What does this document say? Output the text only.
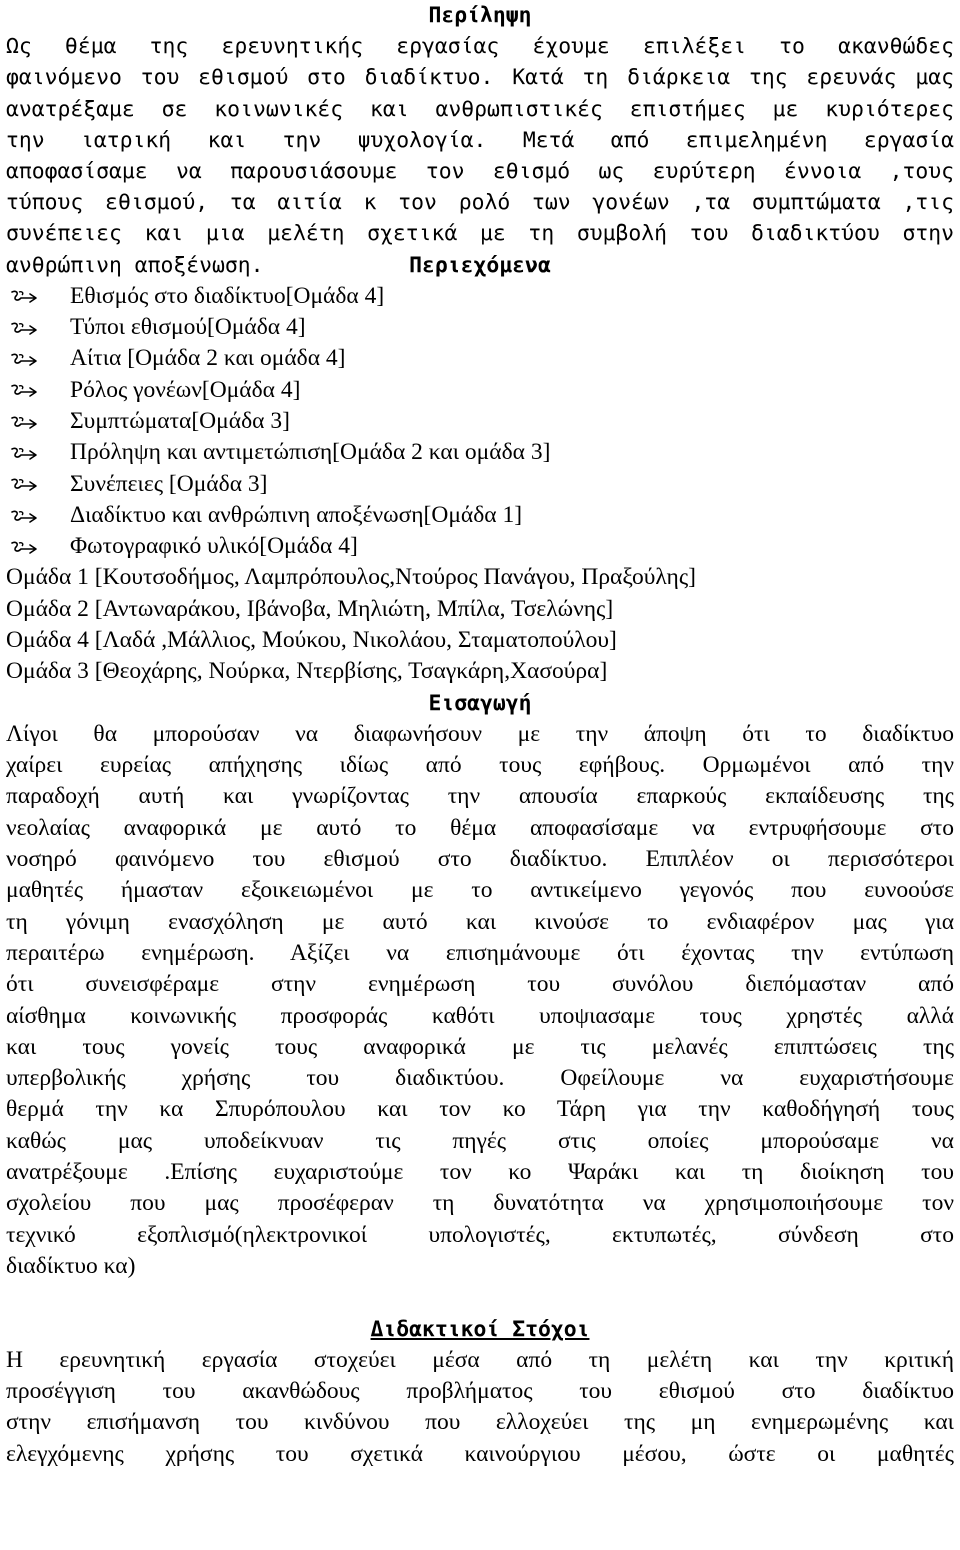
Περίληψη

Ως θέμα της ερευνητικής εργασίας έχουμε επιλέξει το ακανθώδες

φαινόμενο του εθισμού στο διαδίκτυο. Κατά τη διάρκεια της ερευνάς μας

ανατρέξαμε σε κοινωνικές και ανθρωπιστικές επιστήμες με κυριότερες

την ιατρική και την ψυχολογία. Μετά από επιμελημένη εργασία

αποφασίσαμε να παρουσιάσουμε τον εθισμό ως ευρύτερη έννοια ,τους

τύπους εθισμού, τα αιτία κ τον ρολό των γονέων ,τα συμπτώματα ,τις

συνέπειες και μια μελέτη σχετικά με τη συμβολή του διαδικτύου στην

ανθρώπινη αποξένωση.	Περιεχόμενα
Εθισμός στο διαδίκτυο[Ομάδα 4]
Τύποι εθισμού[Ομάδα 4]
Αίτια [Ομάδα 2 και ομάδα 4]
Ρόλος γονέων[Ομάδα 4]
Συμπτώματα[Ομάδα 3]
Πρόληψη και αντιμετώπιση[Ομάδα 2 και ομάδα 3]
Συνέπειες [Ομάδα 3]
Διαδίκτυο και ανθρώπινη αποξένωση[Ομάδα 1]
Φωτογραφικό υλικό[Ομάδα 4]
Ομάδα 1 [Κουτσοδήμος, Λαμπρόπουλος,Ντούρος Πανάγου, Πραξούλης]
Ομάδα 2 [Αντωναράκου, Ιβάνοβα, Μηλιώτη, Μπίλα, Τσελώνης]
Ομάδα 4 [Λαδά ,Μάλλιος, Μούκου, Νικολάου, Σταματοπούλου]
Ομάδα 3 [Θεοχάρης, Νούρκα, Ντερβίσης, Τσαγκάρη,Χασούρα]
Εισαγωγή

Λίγοι θα μπορούσαν να διαφωνήσουν με την άποψη ότι το διαδίκτυο

χαίρει ευρείας απήχησης ιδίως από τους εφήβους. Ορμωμένοι από την

παραδοχή αυτή και γνωρίζοντας την απουσία επαρκούς εκπαίδευσης της

νεολαίας αναφορικά με αυτό το θέμα αποφασίσαμε να εντρυφήσουμε στο

νοσηρό φαινόμενο του εθισμού στο διαδίκτυο. Επιπλέον οι περισσότεροι

μαθητές ήμασταν εξοικειωμένοι με το αντικείμενο γεγονός που ευνοούσε

τη γόνιμη ενασχόληση με αυτό και κινούσε το ενδιαφέρον μας για

περαιτέρω ενημέρωση. Αξίζει να επισημάνουμε ότι έχοντας την εντύπωση

ότι συνεισφέραμε στην ενημέρωση του συνόλου διεπόμασταν από

αίσθημα κοινωνικής προσφοράς καθότι υποψιασαμε τους χρηστές αλλά

και τους γονείς τους αναφορικά με τις μελανές επιπτώσεις της

υπερβολικής χρήσης του διαδικτύου. Οφείλουμε να ευχαριστήσουμε

θερμά την κα Σπυρόπουλου και τον κο Τάρη για την καθοδήγησή τους

καθώς μας υποδείκνυαν τις πηγές στις οποίες μπορούσαμε να

ανατρέξουμε .Επίσης ευχαριστούμε τον κο Ψαράκι και τη διοίκηση του

σχολείου που μας προσέφεραν τη δυνατότητα να χρησιμοποιήσουμε τον

τεχνικό εξοπλισμό(ηλεκτρονικοί υπολογιστές, εκτυπωτές, σύνδεση στο

διαδίκτυο κα)
Διδακτικοί Στόχοι

Η ερευνητική εργασία στοχεύει μέσα από τη μελέτη και την κριτική

προσέγγιση του ακανθώδους προβλήματος του εθισμού στο διαδίκτυο

στην επισήμανση του κινδύνου που ελλοχεύει της μη ενημερωμένης και

ελεγχόμενης χρήσης του σχετικά καινούργιου μέσου, ώστε οι μαθητές
